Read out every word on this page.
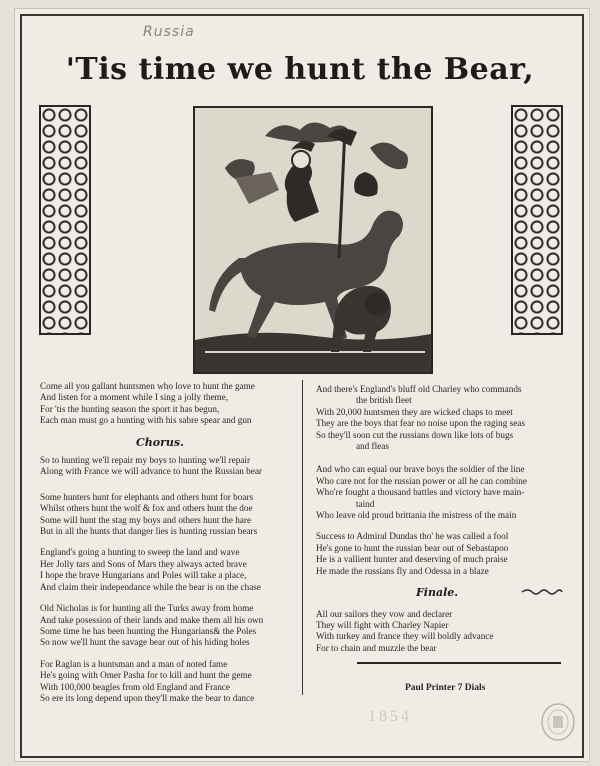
Russia
'Tis time we hunt the Bear,

Come all you gallant huntsmen who love to hunt the game

And listen for a moment while I sing a jolly theme,

For 'tis the hunting season the sport it has begun,

Each man must go a hunting with his sabre spear and gun

Chorus.

So to hunting we'll repair my boys to hunting we'll repair

Along with France we will advance to hunt the Russian bear

Some hunters hunt for elephants and others hunt for boars

Whilst others hunt the wolf & fox and others hunt the doe

Some will hunt the stag my boys and others hunt the hare

But in all the hunts that danger lies is hunting russian bears

England's going a hunting to sweep the land and wave

Her Jolly tars and Sons of Mars they always acted brave

I hope the brave Hungarians and Poles will take a place,

And claim their independance while the bear is on the chase

Old Nicholas is for hunting all the Turks away from home

And take posession of their lands and make them all his own

Some time he has been hunting the Hungarians& the Poles

So now we'll hunt the savage bear out of his hiding holes

For Raglan is a huntsman and a man of noted fame

He's going with Omer Pasha for to kill and hunt the geme

With 100,000 beagles from old England and France

So ere its long depend upon they'll make the bear to dance

And there's England's bluff old Charley who commands

the british fleet

With 20,000 huntsmen they are wicked chaps to meet

They are the boys that fear no noise upon the raging seas

So they'll soon cut the russians down like lots of bugs

and fleas

And who can equal our brave boys the soldier of the line

Who care not for the russian power or all he can combine

Who're fought a thousand battles and victory have main-

taind

Who leave old proud brittania the mistress of the main

Success to Admiral Dundas tho' he was called a fool

He's gone to hunt the russian bear out of Sebastapoo

He is a vallient hunter and deserving of much praise

He made the russians fly and Odessa in a blaze

Finale.

All our sailors they vow and declarer

They will fight with Charley Napier

With turkey and france they will boldly advance

For to chain and muzzle the bear

Paul Printer 7 Dials
1854
